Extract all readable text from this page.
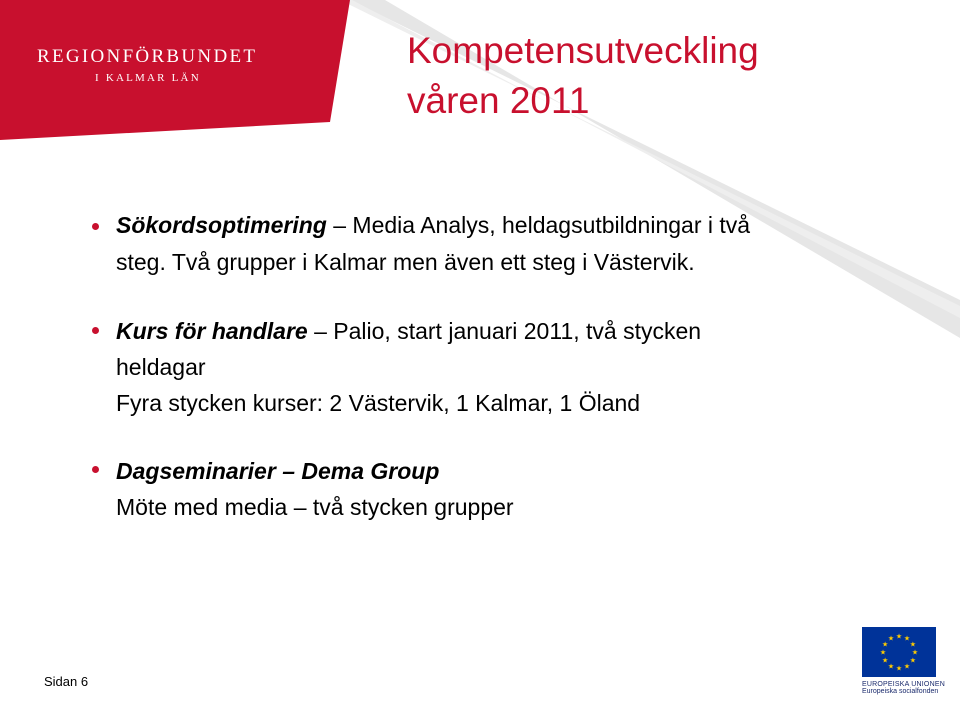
REGIONFÖRBUNDET
I KALMAR LÄN
Kompetensutveckling
våren 2011
Sökordsoptimering – Media Analys, heldagsutbildningar i två
steg. Två grupper i Kalmar men även ett steg i Västervik.
Kurs för handlare – Palio, start januari 2011, två stycken
heldagar
Fyra stycken kurser: 2 Västervik, 1 Kalmar, 1 Öland
Dagseminarier – Dema Group
Möte med media – två stycken grupper
Sidan 6
★
★
★
★
★
★
★
★
★ ★ ★
★
EUROPEISKA UNIONEN
Europeiska socialfonden
